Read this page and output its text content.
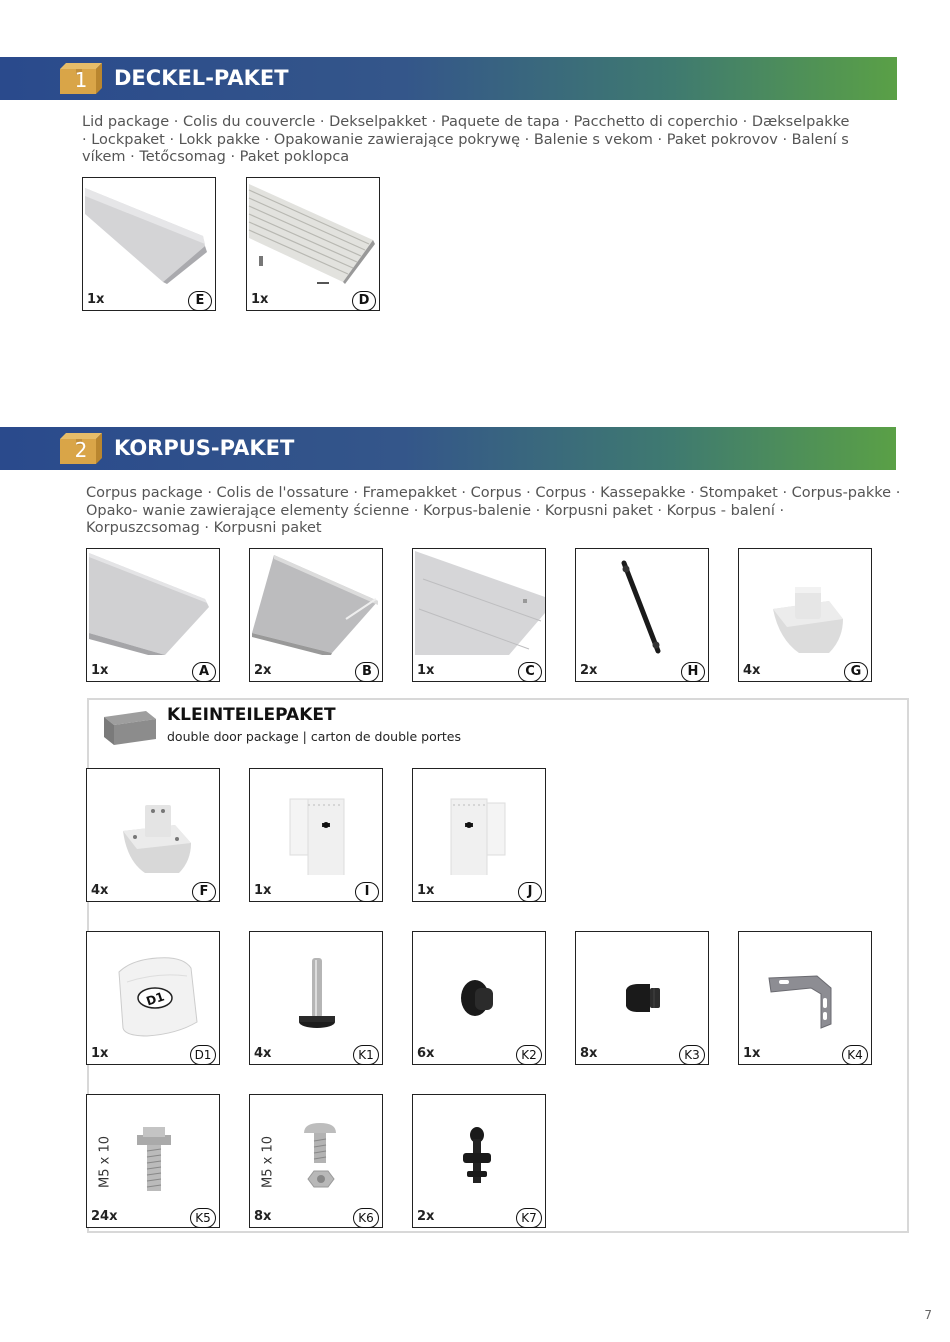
1	DECKEL-PAKET
Lid package · Colis du couvercle · Dekselpakket · Paquete de tapa · Pacchetto di coperchio · Dækselpakke · Lockpaket · Lokk pakke · Opakowanie zawierające pokrywę · Balenie s vekom · Paket pokrovov · Balení s víkem · Tetőcsomag · Paket poklopca
1x	E	1x	D
2	KORPUS-PAKET
Corpus package · Colis de l'ossature · Framepakket · Corpus · Corpus · Kassepakke · Stompaket · Corpus-pakke · Opako- wanie zawierające elementy ścienne · Korpus-balenie · Korpusni paket · Korpus - balení · Korpuszcsomag · Korpusni paket
1x	A	2x	B	1x	C	2x	H	4x	G
KLEINTEILEPAKET
double door package | carton de double portes
4x	F	1x	I	1x	J
D1
1x	D1	4x	K1	6x	K2	8x	K3	1x	K4
M5 x 10
24x	K5
M5 x 10
8x	K6	2x	K7
7
